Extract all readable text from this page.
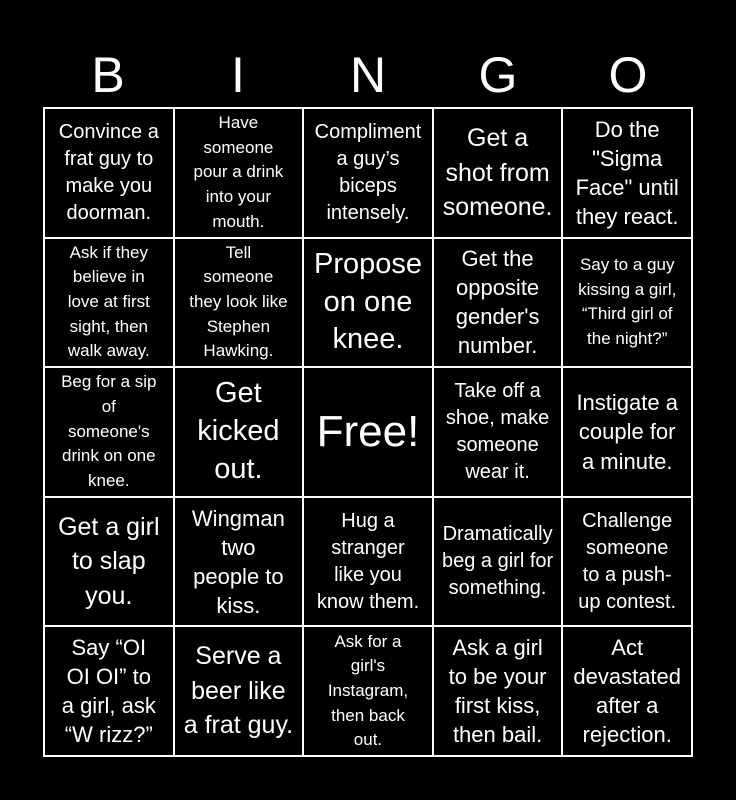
B	I	N	G	O
Convince a
frat guy to
make you
doorman.
Have
someone
pour a drink
into your
mouth.
Compliment
a guy’s
biceps
intensely.
Get a
shot from
someone.
Do the
"Sigma
Face" until
they react.
Ask if they
believe in
love at first
sight, then
walk away.
Tell
someone
they look like
Stephen
Hawking.
Propose
on one
knee.
Get the
opposite
gender's
number.
Say to a guy
kissing a girl,
“Third girl of
the night?”
Beg for a sip
of
someone's
drink on one
knee.
Get
kicked
out.
Free!
Take off a
shoe, make
someone
wear it.
Instigate a
couple for
a minute.
Get a girl
to slap
you.
Wingman
two
people to
kiss.
Hug a
stranger
like you
know them.
Dramatically
beg a girl for
something.
Challenge
someone
to a push-
up contest.
Say “OI
OI OI” to
a girl, ask
“W rizz?”
Serve a
beer like
a frat guy.
Ask for a
girl's
Instagram,
then back
out.
Ask a girl
to be your
first kiss,
then bail.
Act
devastated
after a
rejection.
